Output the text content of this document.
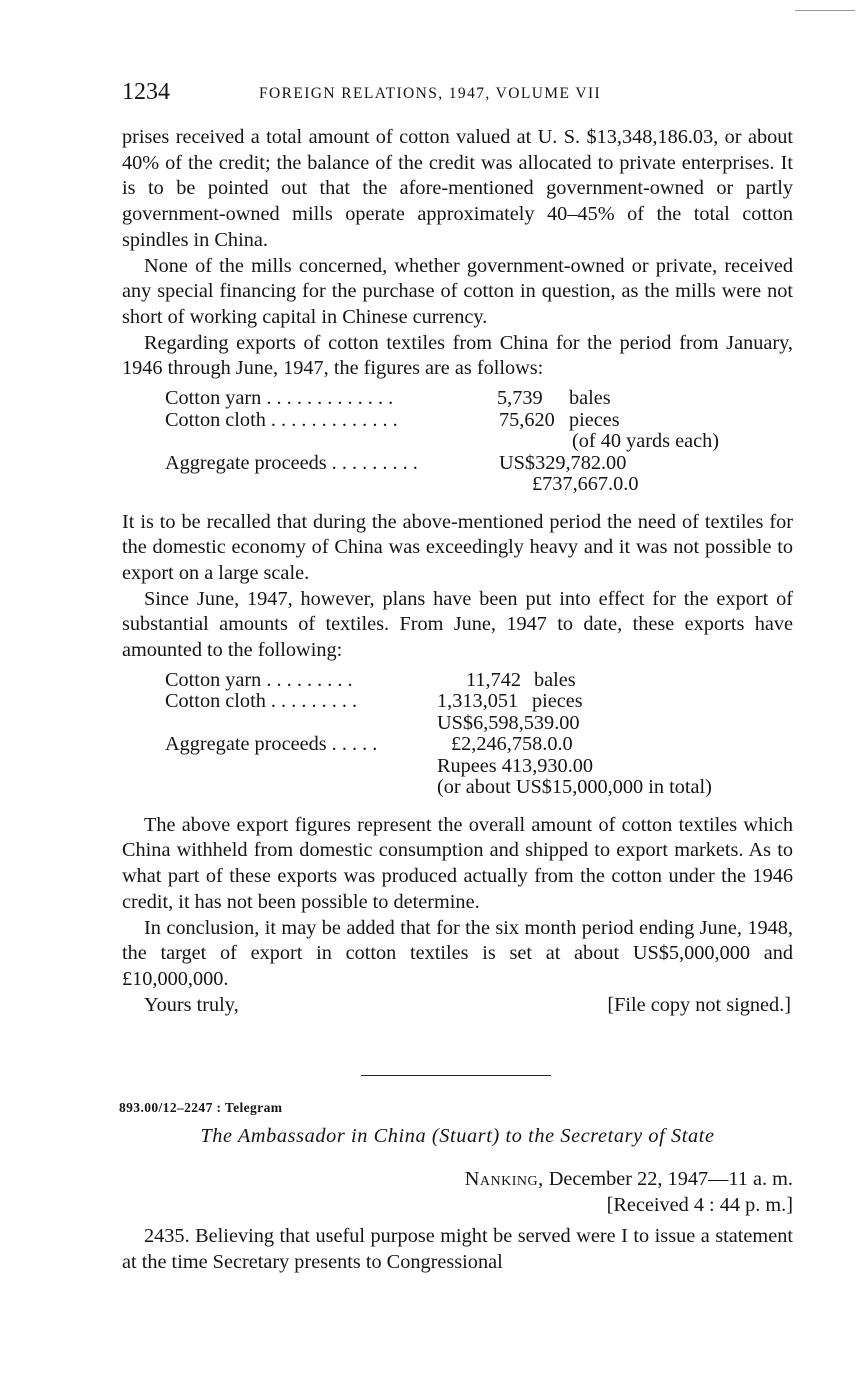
1234	FOREIGN RELATIONS, 1947, VOLUME VII

prises received a total amount of cotton valued at U. S. $13,348,186.03, or about 40% of the credit; the balance of the credit was allocated to private enterprises. It is to be pointed out that the afore-mentioned government-owned or partly government-owned mills operate approximately 40–45% of the total cotton spindles in China.

None of the mills concerned, whether government-owned or private, received any special financing for the purchase of cotton in question, as the mills were not short of working capital in Chinese currency.

Regarding exports of cotton textiles from China for the period from January, 1946 through June, 1947, the figures are as follows:

Cotton yarn . . . . . . . . . . . . .	5,739 bales
Cotton cloth . . . . . . . . . . . . .	75,620 pieces
(of 40 yards each)
Aggregate proceeds . . . . . . . . .	US$329,782.00
£737,667.0.0

It is to be recalled that during the above-mentioned period the need of textiles for the domestic economy of China was exceedingly heavy and it was not possible to export on a large scale.

Since June, 1947, however, plans have been put into effect for the export of substantial amounts of textiles. From June, 1947 to date, these exports have amounted to the following:

Cotton yarn . . . . . . . . .	11,742 bales
Cotton cloth . . . . . . . . .	1,313,051 pieces
US$6,598,539.00
Aggregate proceeds . . . . .	£2,246,758.0.0
Rupees 413,930.00
(or about US$15,000,000 in total)

The above export figures represent the overall amount of cotton textiles which China withheld from domestic consumption and shipped to export markets. As to what part of these exports was produced actually from the cotton under the 1946 credit, it has not been possible to determine.

In conclusion, it may be added that for the six month period ending June, 1948, the target of export in cotton textiles is set at about US$5,000,000 and £10,000,000.

Yours truly,	[File copy not signed.]
893.00/12–2247 : Telegram
The Ambassador in China (Stuart) to the Secretary of State
Nanking, December 22, 1947—11 a. m.
[Received 4 : 44 p. m.]

2435. Believing that useful purpose might be served were I to issue a statement at the time Secretary presents to Congressional
